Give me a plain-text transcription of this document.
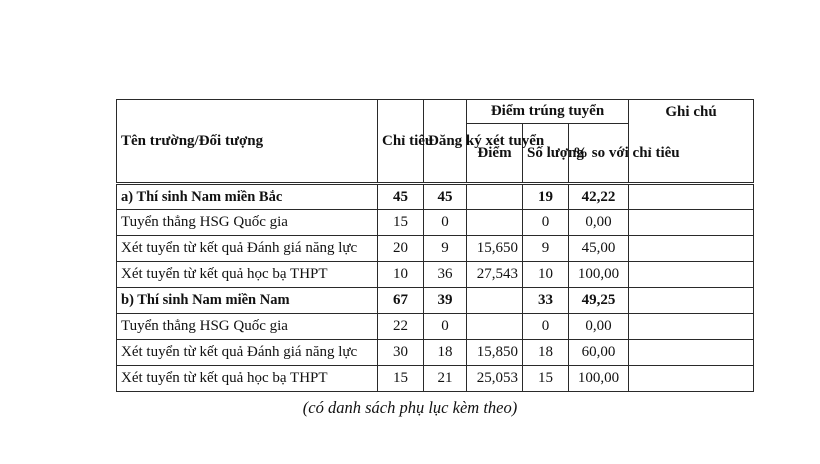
Tên trường/Đối tượng	Chỉ tiêu	Đăng ký xét tuyển	Điểm trúng tuyển			Ghi chú
			Điểm	Số lượng	% so với chỉ tiêu	
a) Thí sinh Nam miền Bắc	45	45		19	42,22	
Tuyển thẳng HSG Quốc gia	15	0		0	0,00	
Xét tuyển từ kết quả Đánh giá năng lực	20	9	15,650	9	45,00	
Xét tuyển từ kết quả học bạ THPT	10	36	27,543	10	100,00	
b) Thí sinh Nam miền Nam	67	39		33	49,25	
Tuyển thẳng HSG Quốc gia	22	0		0	0,00	
Xét tuyển từ kết quả Đánh giá năng lực	30	18	15,850	18	60,00	
Xét tuyển từ kết quả học bạ THPT	15	21	25,053	15	100,00	
(có danh sách phụ lục kèm theo)
